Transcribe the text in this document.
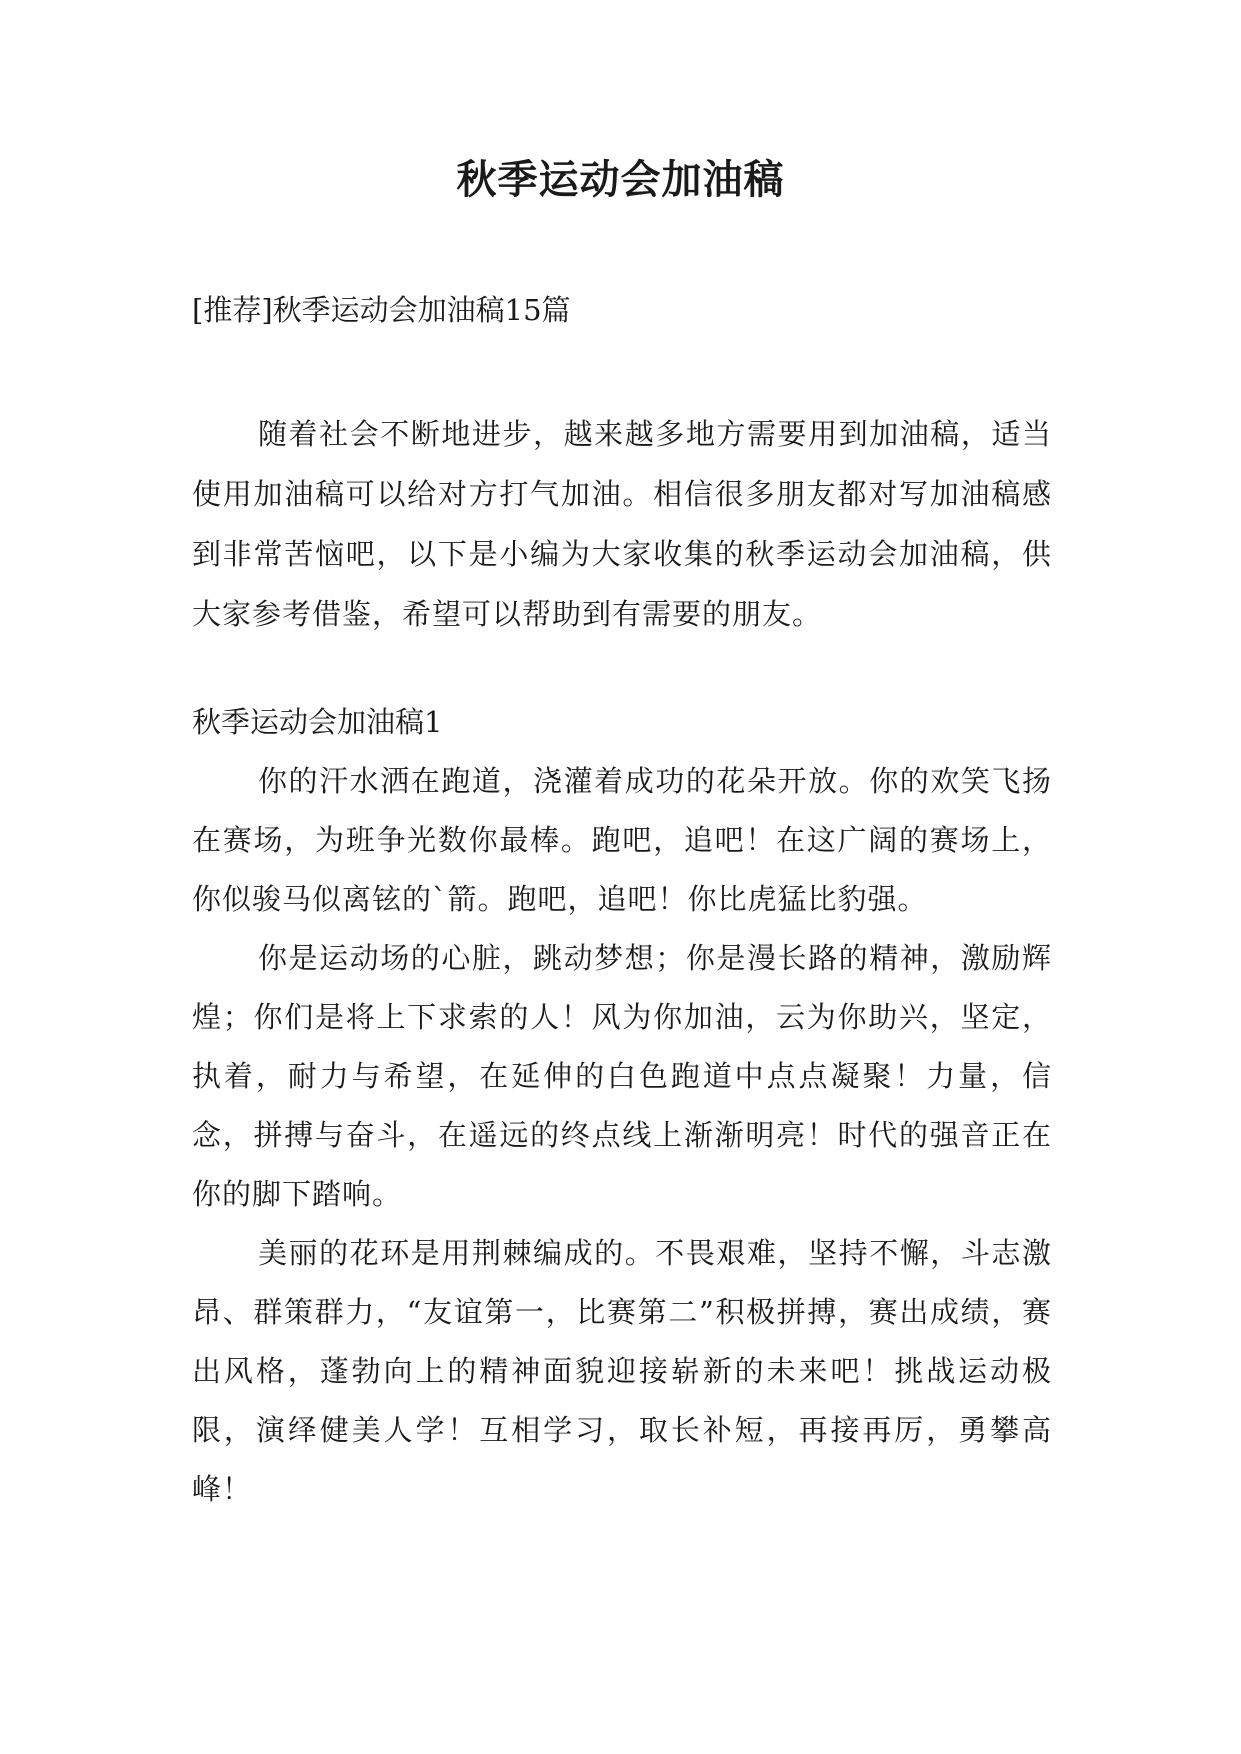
秋季运动会加油稿
[推荐]秋季运动会加油稿15篇

随着社会不断地进步，越来越多地方需要用到加油稿，适当使用加油稿可以给对方打气加油。相信很多朋友都对写加油稿感到非常苦恼吧，以下是小编为大家收集的秋季运动会加油稿，供大家参考借鉴，希望可以帮助到有需要的朋友。

秋季运动会加油稿1

你的汗水洒在跑道，浇灌着成功的花朵开放。你的欢笑飞扬在赛场，为班争光数你最棒。跑吧，追吧！在这广阔的赛场上，你似骏马似离铉的`箭。跑吧，追吧！你比虎猛比豹强。

你是运动场的心脏，跳动梦想；你是漫长路的精神，激励辉煌；你们是将上下求索的人！风为你加油，云为你助兴，坚定，执着，耐力与希望，在延伸的白色跑道中点点凝聚！力量，信念，拼搏与奋斗，在遥远的终点线上渐渐明亮！时代的强音正在你的脚下踏响。

美丽的花环是用荆棘编成的。不畏艰难，坚持不懈，斗志激昂、群策群力，“友谊第一，比赛第二”积极拼搏，赛出成绩，赛出风格，蓬勃向上的精神面貌迎接崭新的未来吧！挑战运动极限，演绎健美人学！互相学习，取长补短，再接再厉，勇攀高峰！
